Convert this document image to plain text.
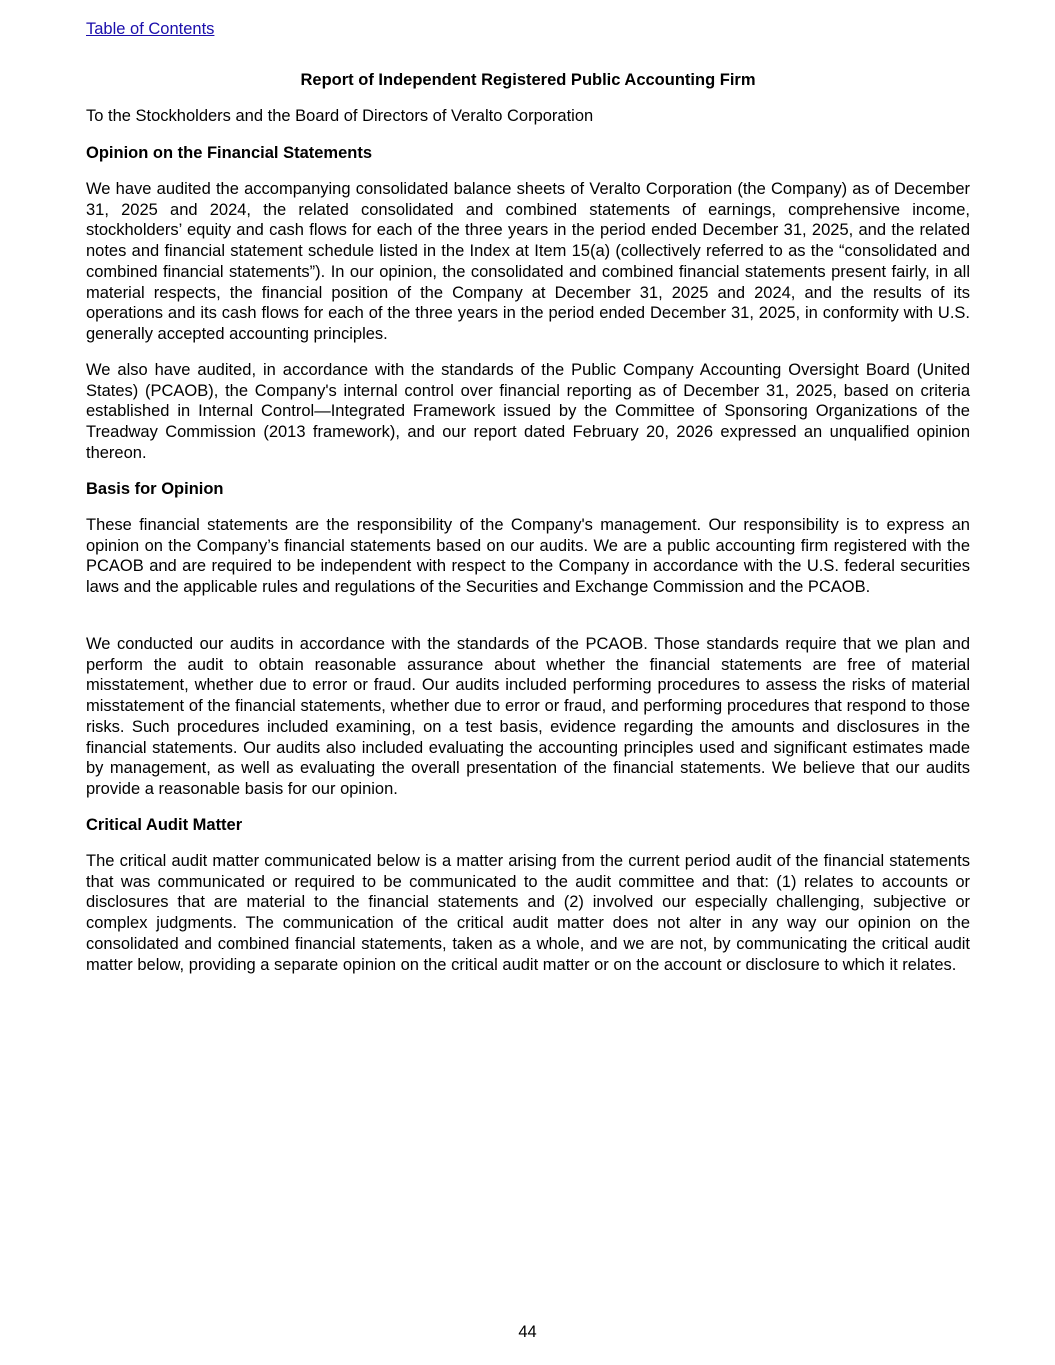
Table of Contents

Report of Independent Registered Public Accounting Firm

To the Stockholders and the Board of Directors of Veralto Corporation

Opinion on the Financial Statements

We have audited the accompanying consolidated balance sheets of Veralto Corporation (the Company) as of December 31, 2025 and 2024, the related consolidated and combined statements of earnings, comprehensive income, stockholders’ equity and cash flows for each of the three years in the period ended December 31, 2025, and the related notes and financial statement schedule listed in the Index at Item 15(a) (collectively referred to as the “consolidated and combined financial statements”). In our opinion, the consolidated and combined financial statements present fairly, in all material respects, the financial position of the Company at December 31, 2025 and 2024, and the results of its operations and its cash flows for each of the three years in the period ended December 31, 2025, in conformity with U.S. generally accepted accounting principles.

We also have audited, in accordance with the standards of the Public Company Accounting Oversight Board (United States) (PCAOB), the Company's internal control over financial reporting as of December 31, 2025, based on criteria established in Internal Control—Integrated Framework issued by the Committee of Sponsoring Organizations of the Treadway Commission (2013 framework), and our report dated February 20, 2026 expressed an unqualified opinion thereon.

Basis for Opinion

These financial statements are the responsibility of the Company's management. Our responsibility is to express an opinion on the Company’s financial statements based on our audits. We are a public accounting firm registered with the PCAOB and are required to be independent with respect to the Company in accordance with the U.S. federal securities laws and the applicable rules and regulations of the Securities and Exchange Commission and the PCAOB.

We conducted our audits in accordance with the standards of the PCAOB. Those standards require that we plan and perform the audit to obtain reasonable assurance about whether the financial statements are free of material misstatement, whether due to error or fraud. Our audits included performing procedures to assess the risks of material misstatement of the financial statements, whether due to error or fraud, and performing procedures that respond to those risks. Such procedures included examining, on a test basis, evidence regarding the amounts and disclosures in the financial statements. Our audits also included evaluating the accounting principles used and significant estimates made by management, as well as evaluating the overall presentation of the financial statements. We believe that our audits provide a reasonable basis for our opinion.

Critical Audit Matter

The critical audit matter communicated below is a matter arising from the current period audit of the financial statements that was communicated or required to be communicated to the audit committee and that: (1) relates to accounts or disclosures that are material to the financial statements and (2) involved our especially challenging, subjective or complex judgments. The communication of the critical audit matter does not alter in any way our opinion on the consolidated and combined financial statements, taken as a whole, and we are not, by communicating the critical audit matter below, providing a separate opinion on the critical audit matter or on the account or disclosure to which it relates.

44
